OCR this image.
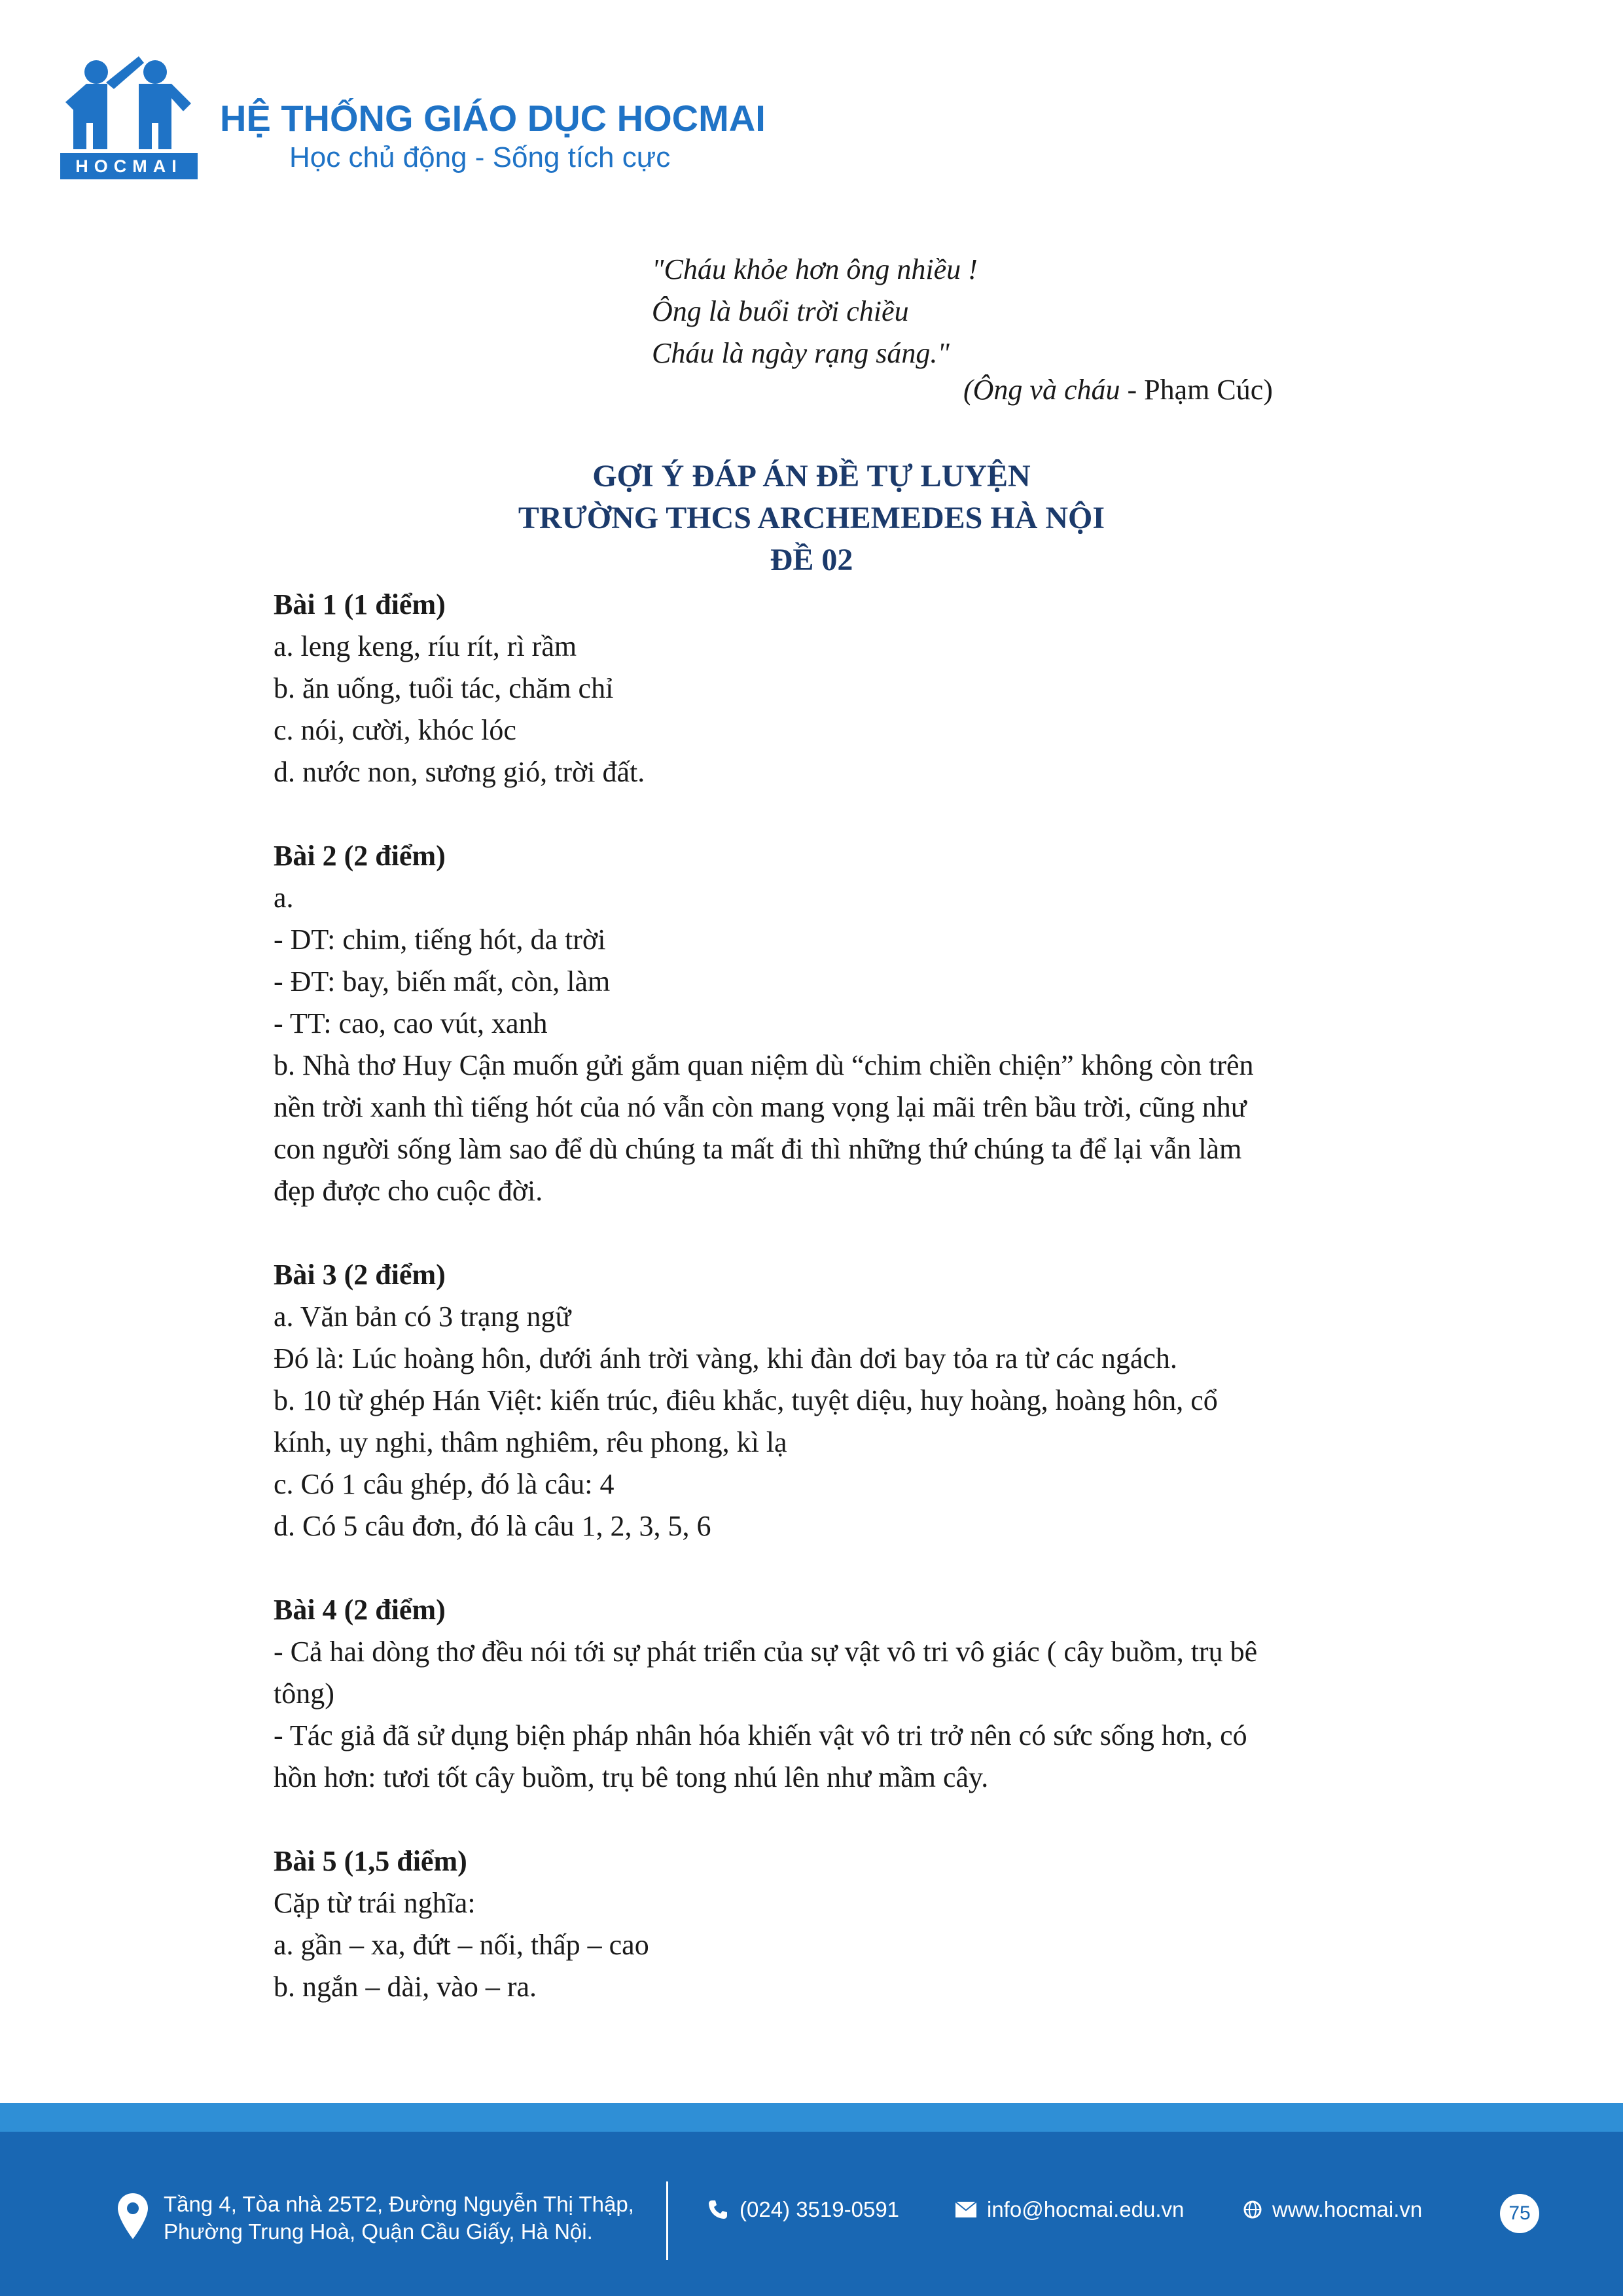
HOCMAI
HỆ THỐNG GIÁO DỤC HOCMAI
Học chủ động - Sống tích cực
"Cháu khỏe hơn ông nhiều !
Ông là buổi trời chiều
Cháu là ngày rạng sáng."
(Ông và cháu - Phạm Cúc)
GỢI Ý ĐÁP ÁN ĐỀ TỰ LUYỆN
TRƯỜNG THCS ARCHEMEDES HÀ NỘI
ĐỀ 02
Bài 1 (1 điểm)
a. leng keng, ríu rít, rì rầm
b. ăn uống, tuổi tác, chăm chỉ
c. nói, cười, khóc lóc
d. nước non, sương gió, trời đất.
Bài 2 (2 điểm)
a.
- DT: chim, tiếng hót, da trời
- ĐT: bay, biến mất, còn, làm
- TT: cao, cao vút, xanh
b. Nhà thơ Huy Cận muốn gửi gắm quan niệm dù “chim chiền chiện” không còn trên
nền trời xanh thì tiếng hót của nó vẫn còn mang vọng lại mãi trên bầu trời, cũng như
con người sống làm sao để dù chúng ta mất đi thì những thứ chúng ta để lại vẫn làm
đẹp được cho cuộc đời.
Bài 3 (2 điểm)
a. Văn bản có 3 trạng ngữ
Đó là: Lúc hoàng hôn, dưới ánh trời vàng, khi đàn dơi bay tỏa ra từ các ngách.
b. 10 từ ghép Hán Việt: kiến trúc, điêu khắc, tuyệt diệu, huy hoàng, hoàng hôn, cổ
kính, uy nghi, thâm nghiêm, rêu phong, kì lạ
c. Có 1 câu ghép, đó là câu: 4
d. Có 5 câu đơn, đó là câu 1, 2, 3, 5, 6
Bài 4 (2 điểm)
- Cả hai dòng thơ đều nói tới sự phát triển của sự vật vô tri vô giác ( cây buồm, trụ bê
tông)
- Tác giả đã sử dụng biện pháp nhân hóa khiến vật vô tri trở nên có sức sống hơn, có
hồn hơn: tươi tốt cây buồm, trụ bê tong nhú lên như mầm cây.
Bài 5 (1,5 điểm)
Cặp từ trái nghĩa:
a. gần – xa, đứt – nối, thấp – cao
b. ngắn – dài, vào – ra.
Tầng 4, Tòa nhà 25T2, Đường Nguyễn Thị Thập,
Phường Trung Hoà, Quận Cầu Giấy, Hà Nội.
(024) 3519-0591	info@hocmai.edu.vn	www.hocmai.vn	75
